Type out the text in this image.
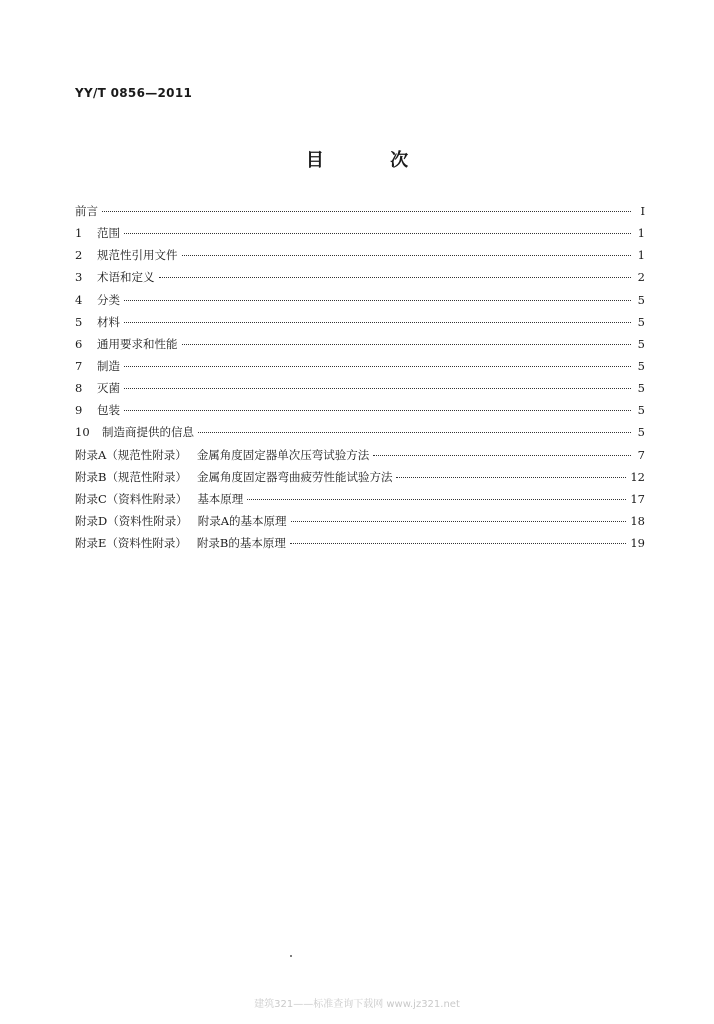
YY/T 0856—2011
目 次
前言	I
1	范围	1
2	规范性引用文件	1
3	术语和定义	2
4	分类	5
5	材料	5
6	通用要求和性能	5
7	制造	5
8	灭菌	5
9	包装	5
10	制造商提供的信息	5
附录A（规范性附录） 金属角度固定器单次压弯试验方法	7
附录B（规范性附录） 金属角度固定器弯曲疲劳性能试验方法	12
附录C（资料性附录） 基本原理	17
附录D（资料性附录） 附录A的基本原理	18
附录E（资料性附录） 附录B的基本原理	19
建筑321——标准查询下载网 www.jz321.net
